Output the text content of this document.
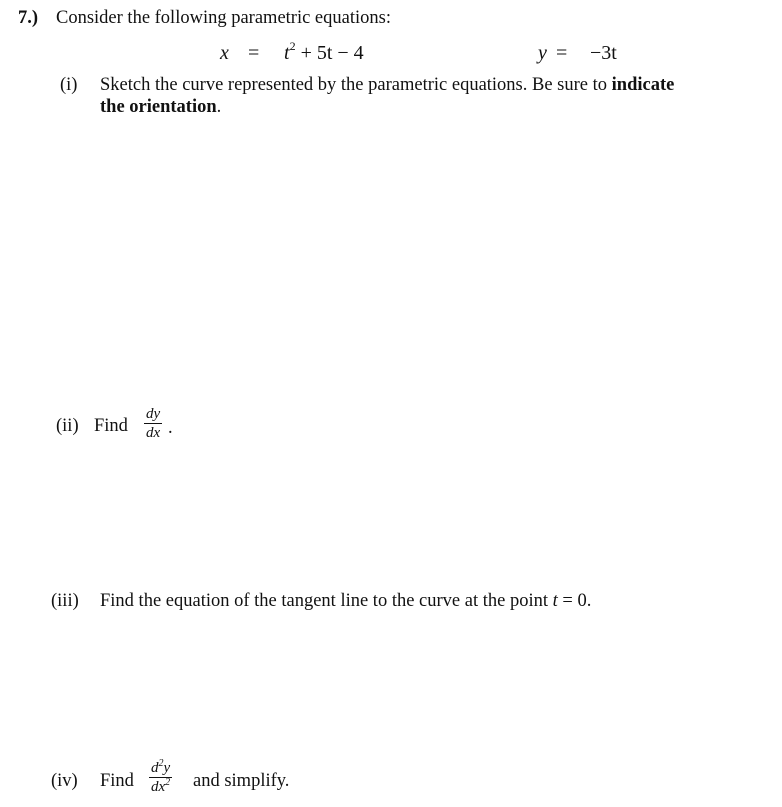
7.) Consider the following parametric equations:
$x = t^2 + 5t - 4$	y = −3t
(i) Sketch the curve represented by the parametric equations. Be sure to indicate
the orientation.
(ii) Find
dy
dx .
(iii) Find the equation of the tangent line to the curve at the point t = 0.
(iv) Find
$d^2y$
$dx^2$ and simplify.
